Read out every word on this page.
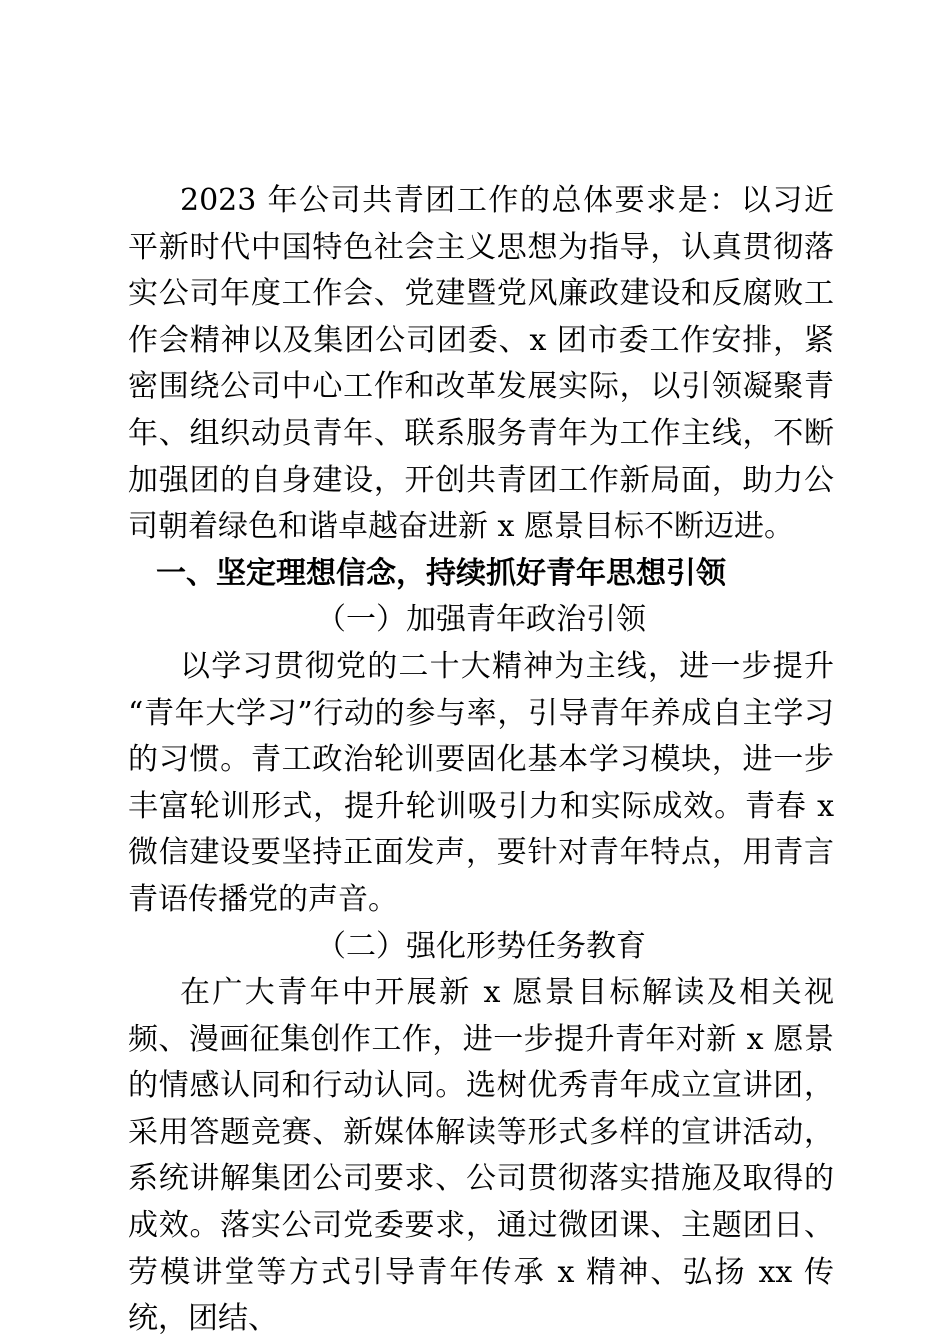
2023 年公司共青团工作的总体要求是：以习近平新时代中国特色社会主义思想为指导，认真贯彻落实公司年度工作会、党建暨党风廉政建设和反腐败工作会精神以及集团公司团委、x 团市委工作安排，紧密围绕公司中心工作和改革发展实际，以引领凝聚青年、组织动员青年、联系服务青年为工作主线，不断加强团的自身建设，开创共青团工作新局面，助力公司朝着绿色和谐卓越奋进新 x 愿景目标不断迈进。

一、坚定理想信念，持续抓好青年思想引领

（一）加强青年政治引领

以学习贯彻党的二十大精神为主线，进一步提升“青年大学习”行动的参与率，引导青年养成自主学习的习惯。青工政治轮训要固化基本学习模块，进一步丰富轮训形式，提升轮训吸引力和实际成效。青春 x 微信建设要坚持正面发声，要针对青年特点，用青言青语传播党的声音。

（二）强化形势任务教育

在广大青年中开展新 x 愿景目标解读及相关视频、漫画征集创作工作，进一步提升青年对新 x 愿景的情感认同和行动认同。选树优秀青年成立宣讲团，采用答题竞赛、新媒体解读等形式多样的宣讲活动，系统讲解集团公司要求、公司贯彻落实措施及取得的成效。落实公司党委要求，通过微团课、主题团日、劳模讲堂等方式引导青年传承 x 精神、弘扬 xx 传统，团结、
